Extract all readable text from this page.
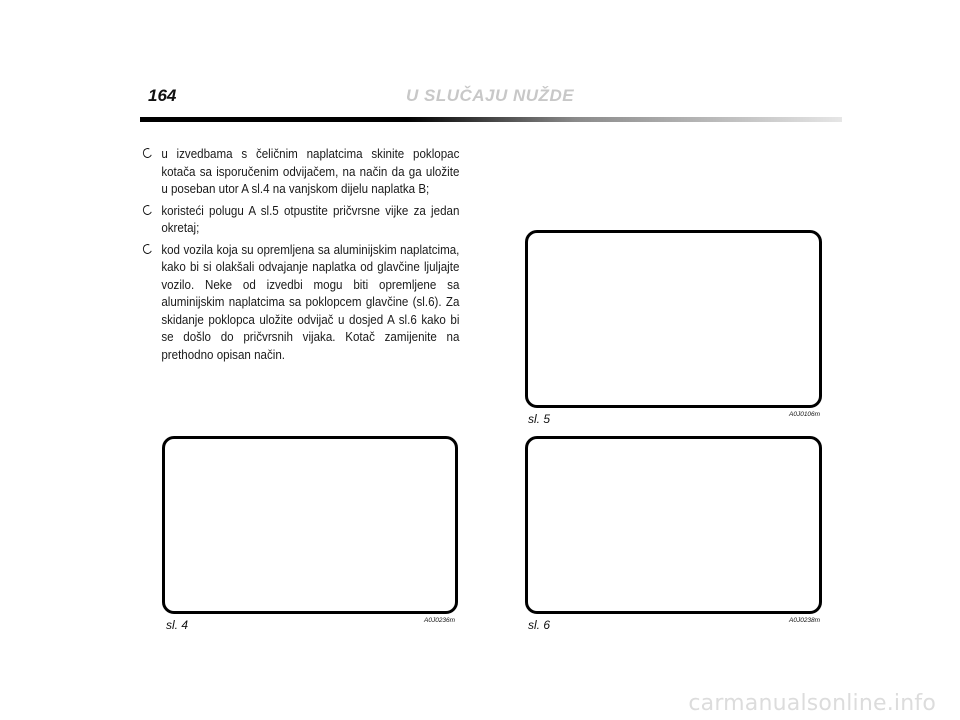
164	U SLUČAJU NUŽDE
u izvedbama s čeličnim naplatcima skinite poklopac kotača sa isporučenim odvijačem, na način da ga uložite u poseban utor A sl.4 na vanjskom dijelu naplatka B;
koristeći polugu A sl.5 otpustite pričvrsne vijke za jedan okretaj;
kod vozila koja su opremljena sa aluminijskim naplatcima, kako bi si olakšali odvajanje naplatka od glavčine ljuljajte vozilo. Neke od izvedbi mogu biti opremljene sa aluminijskim naplatcima sa poklopcem glavčine (sl.6). Za skidanje poklopca uložite odvijač u dosjed A sl.6 kako bi se došlo do pričvrsnih vijaka. Kotač zamijenite na prethodno opisan način.
sl. 5	A0J0106m
sl. 4	A0J0236m	sl. 6	A0J0238m
carmanualsonline.info
